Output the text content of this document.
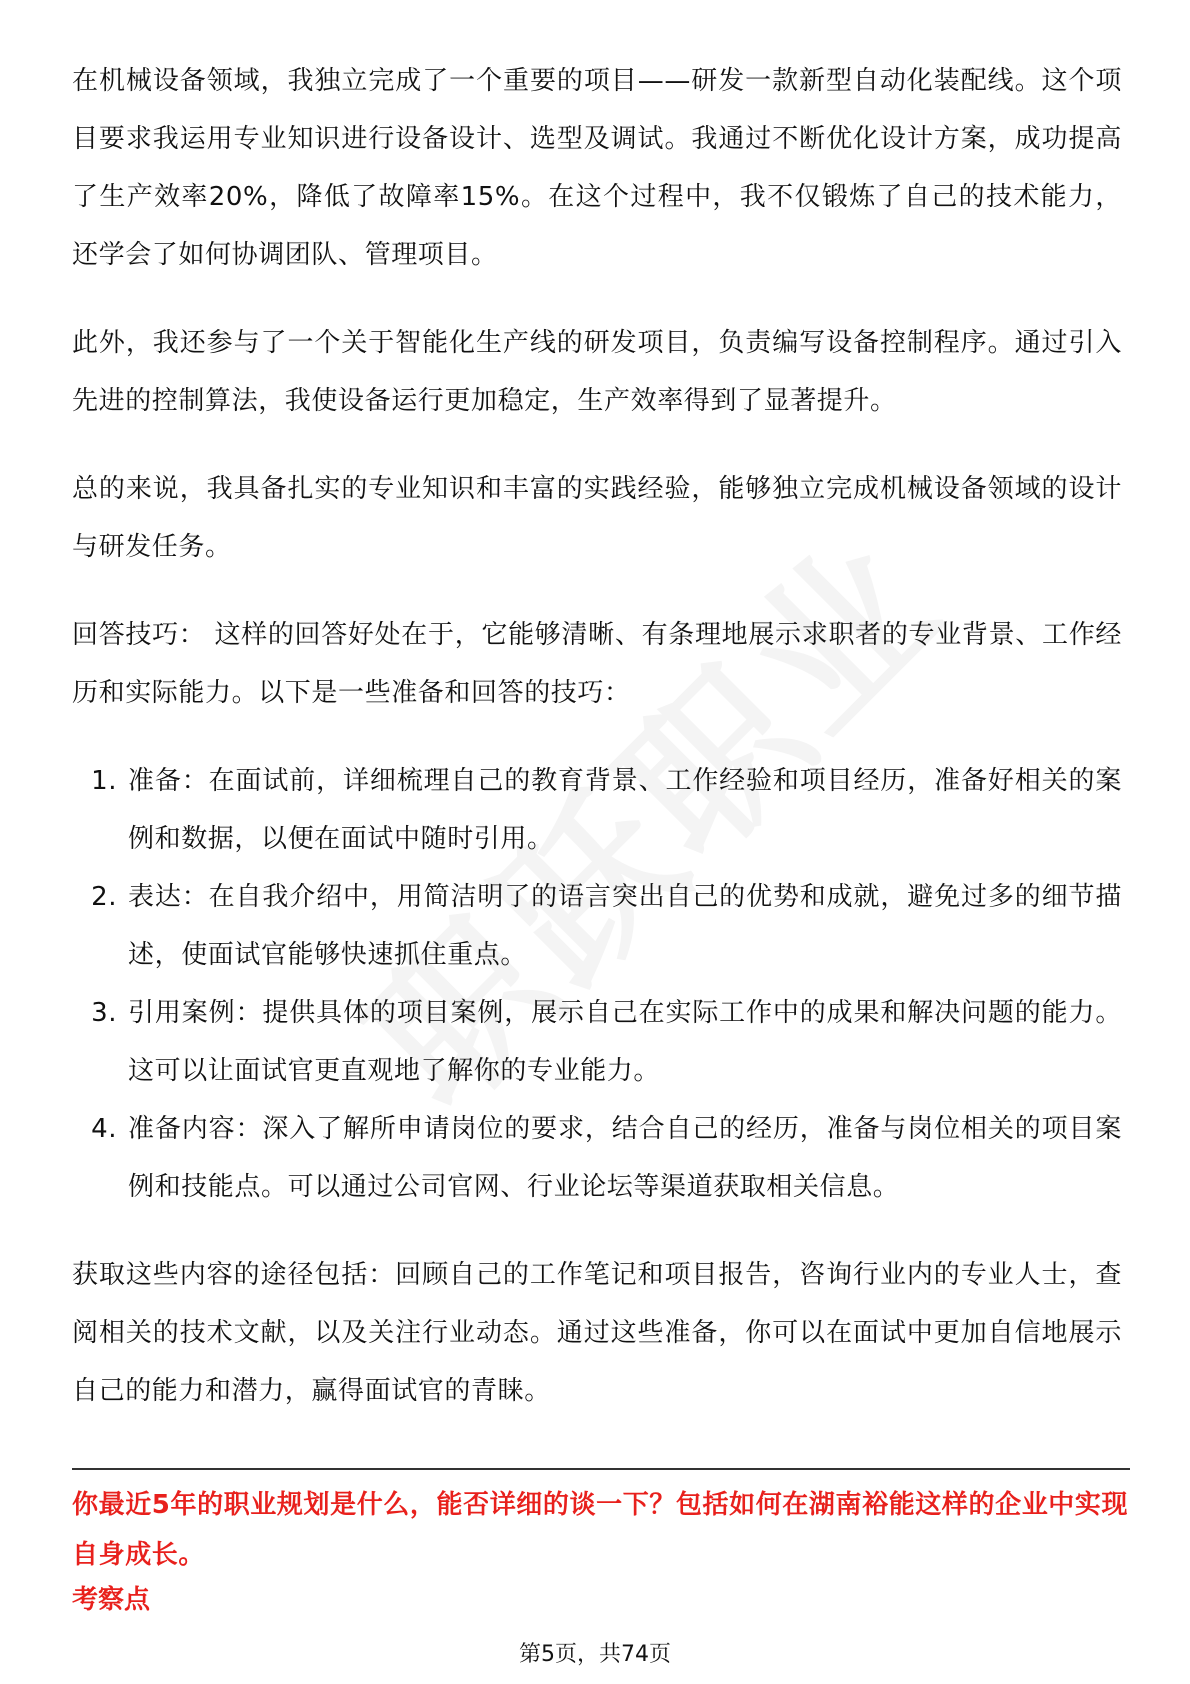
在机械设备领域，我独立完成了一个重要的项目——研发一款新型自动化装配线。这个项目要求我运用专业知识进行设备设计、选型及调试。我通过不断优化设计方案，成功提高了生产效率20%，降低了故障率15%。在这个过程中，我不仅锻炼了自己的技术能力，还学会了如何协调团队、管理项目。

此外，我还参与了一个关于智能化生产线的研发项目，负责编写设备控制程序。通过引入先进的控制算法，我使设备运行更加稳定，生产效率得到了显著提升。

总的来说，我具备扎实的专业知识和丰富的实践经验，能够独立完成机械设备领域的设计与研发任务。

回答技巧： 这样的回答好处在于，它能够清晰、有条理地展示求职者的专业背景、工作经历和实际能力。以下是一些准备和回答的技巧：

1. 准备：在面试前，详细梳理自己的教育背景、工作经验和项目经历，准备好相关的案例和数据，以便在面试中随时引用。
2. 表达：在自我介绍中，用简洁明了的语言突出自己的优势和成就，避免过多的细节描述，使面试官能够快速抓住重点。
3. 引用案例：提供具体的项目案例，展示自己在实际工作中的成果和解决问题的能力。这可以让面试官更直观地了解你的专业能力。
4. 准备内容：深入了解所申请岗位的要求，结合自己的经历，准备与岗位相关的项目案例和技能点。可以通过公司官网、行业论坛等渠道获取相关信息。

获取这些内容的途径包括：回顾自己的工作笔记和项目报告，咨询行业内的专业人士，查阅相关的技术文献，以及关注行业动态。通过这些准备，你可以在面试中更加自信地展示自己的能力和潜力，赢得面试官的青睐。

你最近5年的职业规划是什么，能否详细的谈一下？包括如何在湖南裕能这样的企业中实现自身成长。

考察点

第5页，共74页
